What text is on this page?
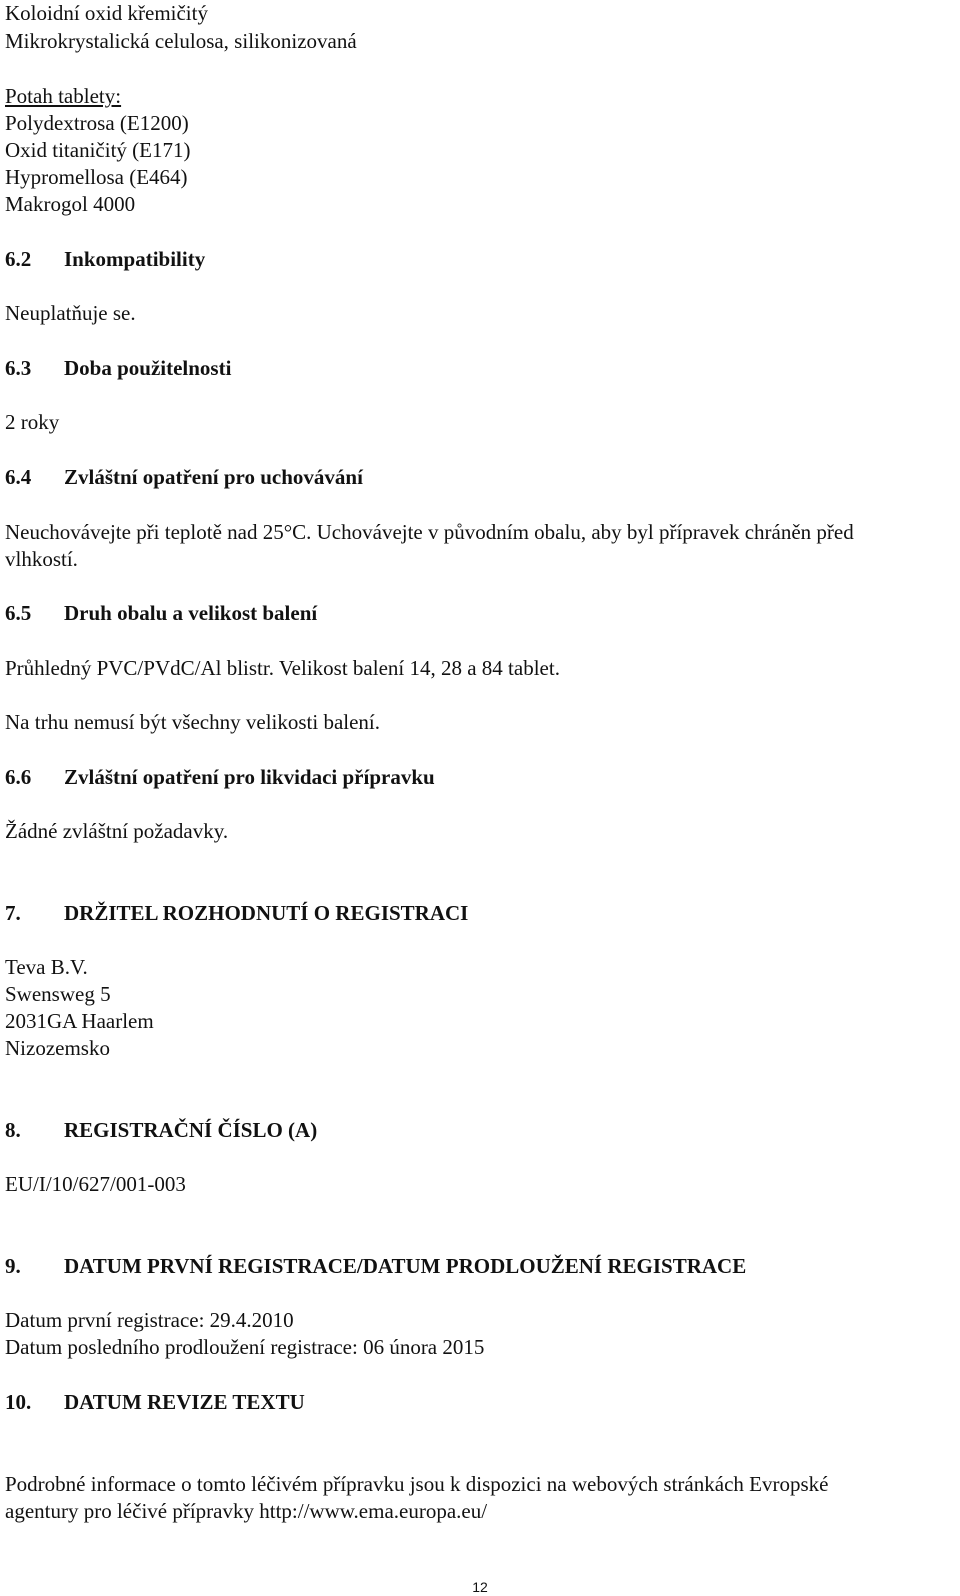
Koloidní oxid křemičitý
Mikrokrystalická celulosa, silikonizovaná
Potah tablety:
Polydextrosa (E1200)
Oxid titaničitý (E171)
Hypromellosa (E464)
Makrogol 4000
6.2 Inkompatibility
Neuplatňuje se.
6.3 Doba použitelnosti
2 roky
6.4 Zvláštní opatření pro uchovávání
Neuchovávejte při teplotě nad 25°C. Uchovávejte v původním obalu, aby byl přípravek chráněn před
vlhkostí.
6.5 Druh obalu a velikost balení
Průhledný PVC/PVdC/Al blistr. Velikost balení 14, 28 a 84 tablet.
Na trhu nemusí být všechny velikosti balení.
6.6 Zvláštní opatření pro likvidaci přípravku
Žádné zvláštní požadavky.
7. DRŽITEL ROZHODNUTÍ O REGISTRACI
Teva B.V.
Swensweg 5
2031GA Haarlem
Nizozemsko
8. REGISTRAČNÍ ČÍSLO (A)
EU/I/10/627/001-003
9. DATUM PRVNÍ REGISTRACE/DATUM PRODLOUŽENÍ REGISTRACE
Datum první registrace: 29.4.2010
Datum posledního prodloužení registrace: 06 února 2015
10. DATUM REVIZE TEXTU
Podrobné informace o tomto léčivém přípravku jsou k dispozici na webových stránkách Evropské
agentury pro léčivé přípravky http://www.ema.europa.eu/
12
